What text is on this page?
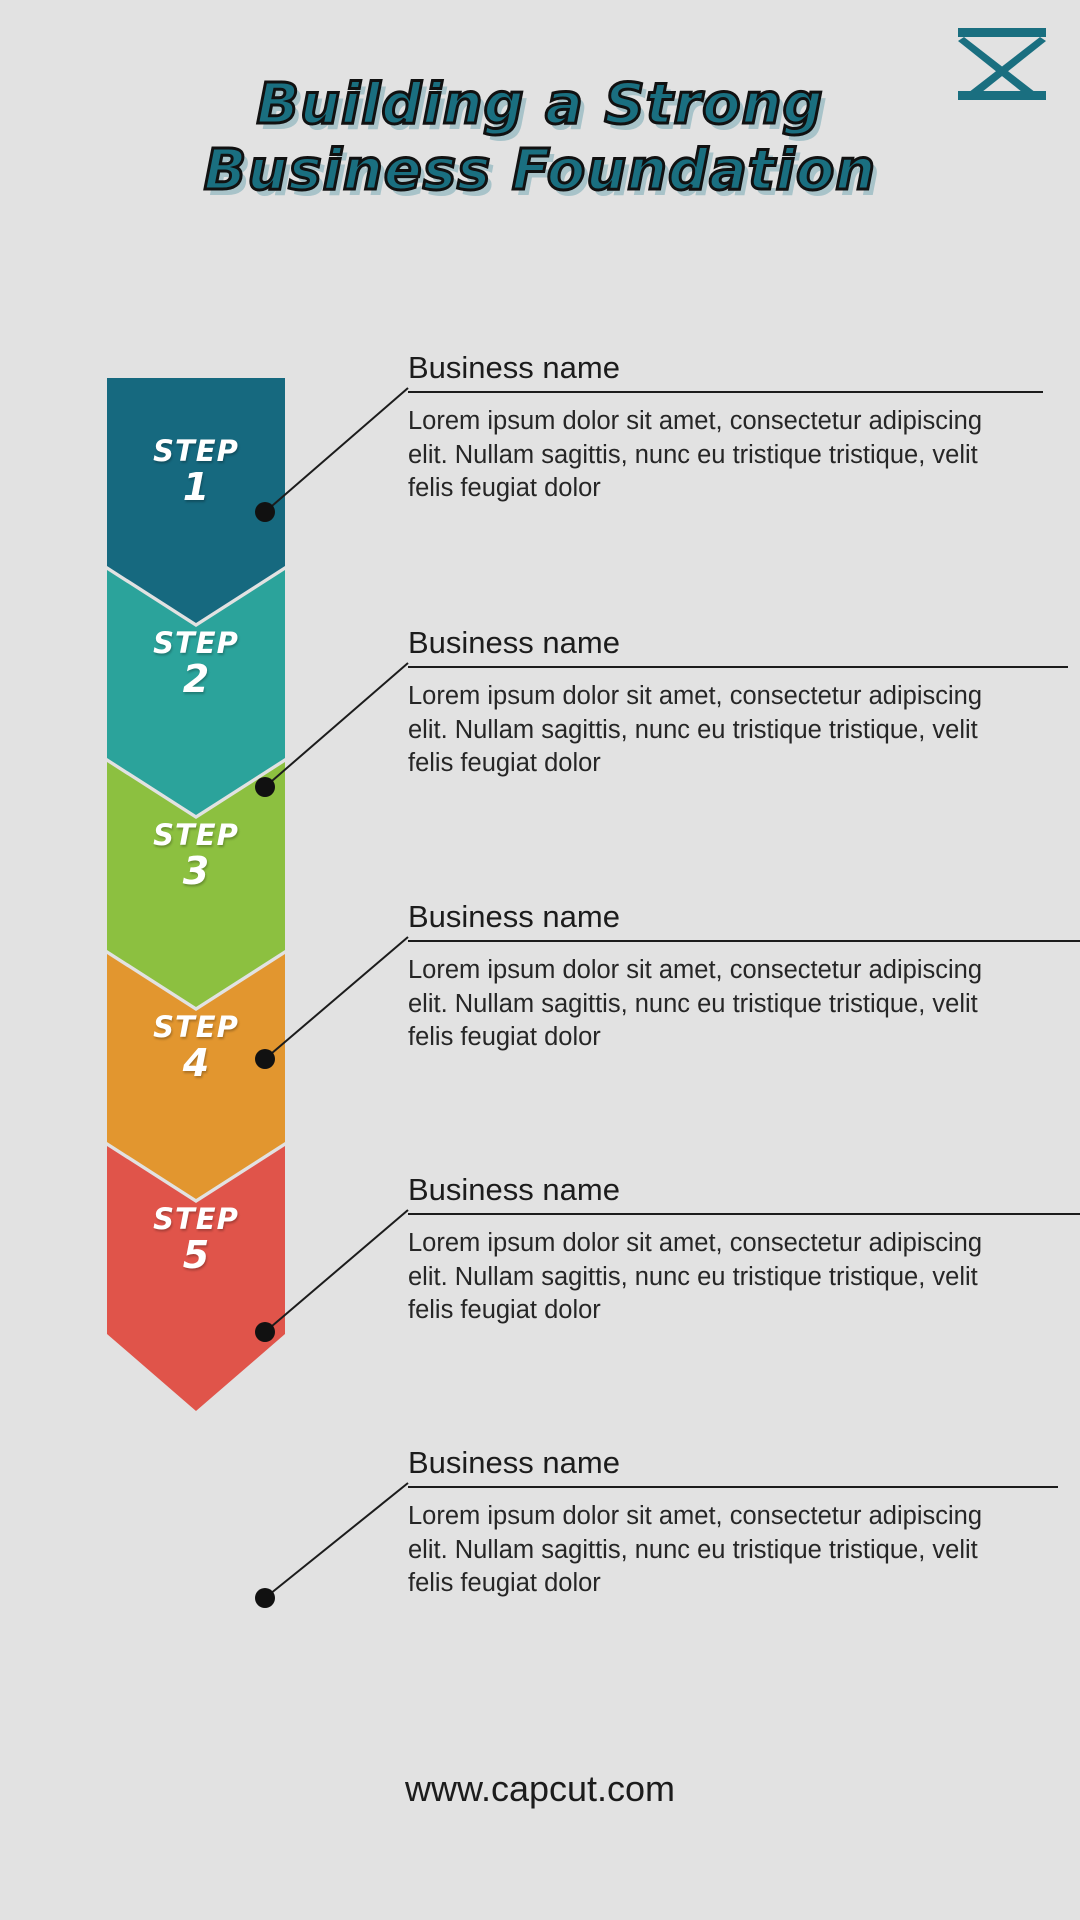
Building a Strong
Business Foundation
STEP
1
STEP
2
STEP
3
STEP
4
STEP
5
Business name
Lorem ipsum dolor sit amet, consectetur adipiscing elit. Nullam sagittis, nunc eu tristique tristique, velit felis feugiat dolor
Business name
Lorem ipsum dolor sit amet, consectetur adipiscing elit. Nullam sagittis, nunc eu tristique tristique, velit felis feugiat dolor
Business name
Lorem ipsum dolor sit amet, consectetur adipiscing elit. Nullam sagittis, nunc eu tristique tristique, velit felis feugiat dolor
Business name
Lorem ipsum dolor sit amet, consectetur adipiscing elit. Nullam sagittis, nunc eu tristique tristique, velit felis feugiat dolor
Business name
Lorem ipsum dolor sit amet, consectetur adipiscing elit. Nullam sagittis, nunc eu tristique tristique, velit felis feugiat dolor
www.capcut.com
